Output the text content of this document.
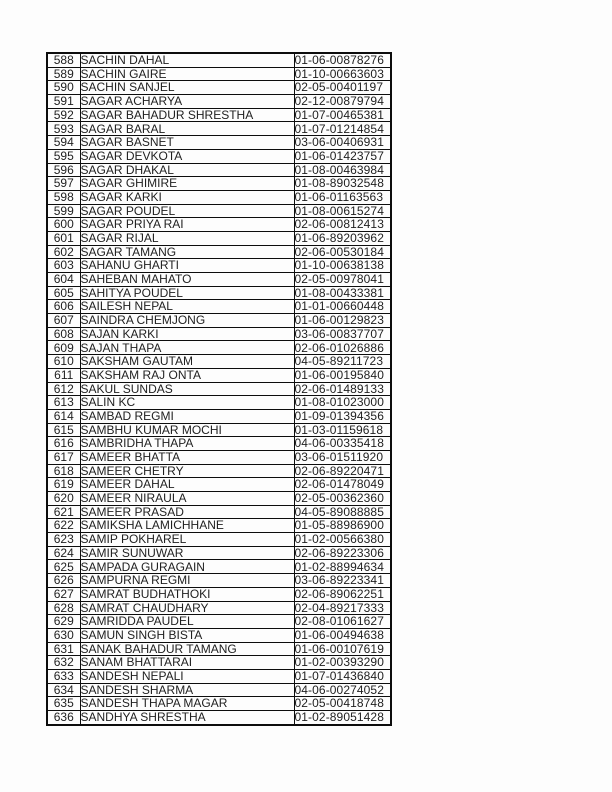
588	SACHIN DAHAL	01-06-00878276
589	SACHIN GAIRE	01-10-00663603
590	SACHIN SANJEL	02-05-00401197
591	SAGAR ACHARYA	02-12-00879794
592	SAGAR BAHADUR SHRESTHA	01-07-00465381
593	SAGAR BARAL	01-07-01214854
594	SAGAR BASNET	03-06-00406931
595	SAGAR DEVKOTA	01-06-01423757
596	SAGAR DHAKAL	01-08-00463984
597	SAGAR GHIMIRE	01-08-89032548
598	SAGAR KARKI	01-06-01163563
599	SAGAR POUDEL	01-08-00615274
600	SAGAR PRIYA RAI	02-06-00812413
601	SAGAR RIJAL	01-06-89203962
602	SAGAR TAMANG	02-06-00530184
603	SAHANU GHARTI	01-10-00638138
604	SAHEBAN MAHATO	02-05-00978041
605	SAHITYA POUDEL	01-08-00433381
606	SAILESH NEPAL	01-01-00660448
607	SAINDRA CHEMJONG	01-06-00129823
608	SAJAN KARKI	03-06-00837707
609	SAJAN THAPA	02-06-01026886
610	SAKSHAM GAUTAM	04-05-89211723
611	SAKSHAM RAJ ONTA	01-06-00195840
612	SAKUL SUNDAS	02-06-01489133
613	SALIN KC	01-08-01023000
614	SAMBAD REGMI	01-09-01394356
615	SAMBHU KUMAR MOCHI	01-03-01159618
616	SAMBRIDHA THAPA	04-06-00335418
617	SAMEER BHATTA	03-06-01511920
618	SAMEER CHETRY	02-06-89220471
619	SAMEER DAHAL	02-06-01478049
620	SAMEER NIRAULA	02-05-00362360
621	SAMEER PRASAD	04-05-89088885
622	SAMIKSHA LAMICHHANE	01-05-88986900
623	SAMIP POKHAREL	01-02-00566380
624	SAMIR SUNUWAR	02-06-89223306
625	SAMPADA GURAGAIN	01-02-88994634
626	SAMPURNA REGMI	03-06-89223341
627	SAMRAT BUDHATHOKI	02-06-89062251
628	SAMRAT CHAUDHARY	02-04-89217333
629	SAMRIDDA PAUDEL	02-08-01061627
630	SAMUN SINGH BISTA	01-06-00494638
631	SANAK BAHADUR TAMANG	01-06-00107619
632	SANAM BHATTARAI	01-02-00393290
633	SANDESH NEPALI	01-07-01436840
634	SANDESH SHARMA	04-06-00274052
635	SANDESH THAPA MAGAR	02-05-00418748
636	SANDHYA SHRESTHA	01-02-89051428
